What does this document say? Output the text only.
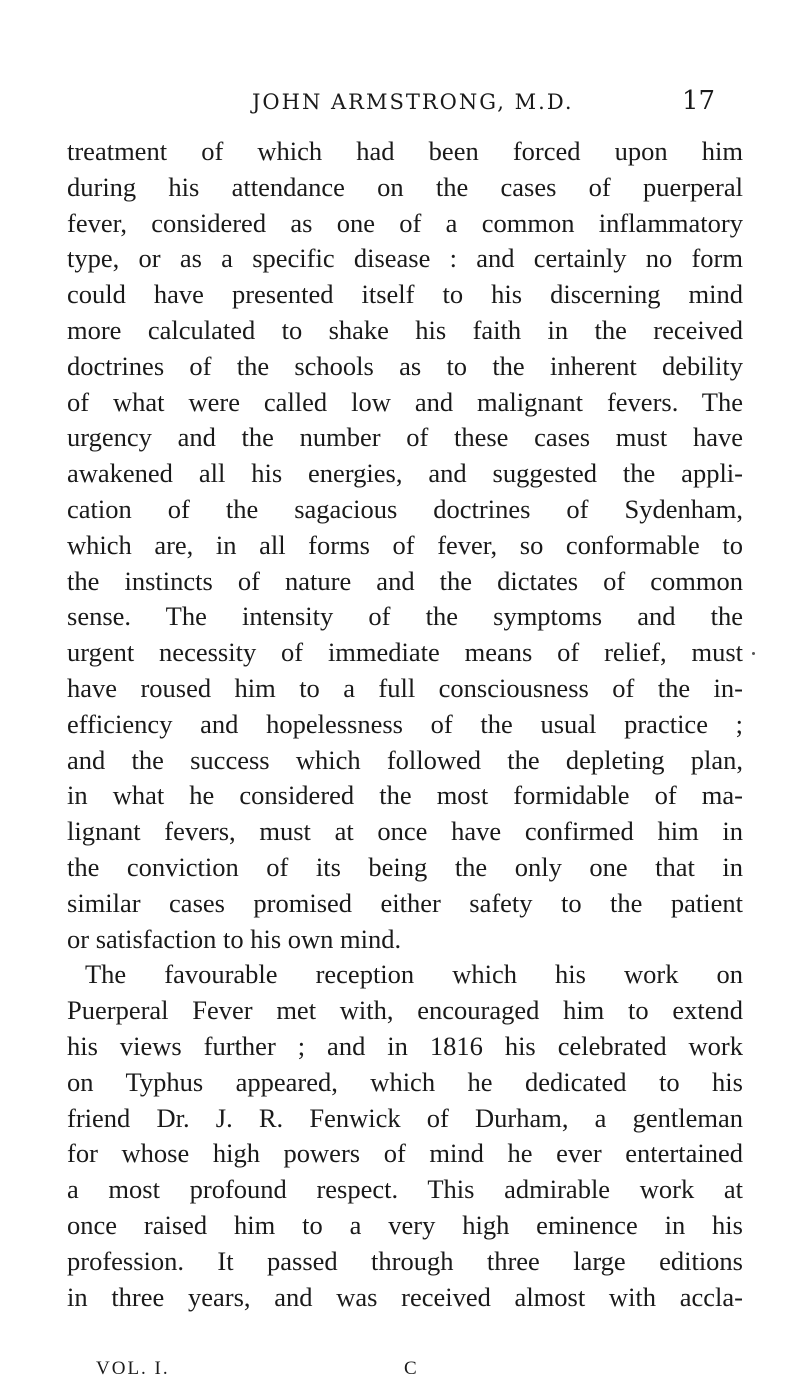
JOHN ARMSTRONG, M.D.	17
treatment of which had been forced upon him
during his attendance on the cases of puerperal
fever, considered as one of a common inflammatory
type, or as a specific disease : and certainly no form
could have presented itself to his discerning mind
more calculated to shake his faith in the received
doctrines of the schools as to the inherent debility
of what were called low and malignant fevers. The
urgency and the number of these cases must have
awakened all his energies, and suggested the appli-
cation of the sagacious doctrines of Sydenham,
which are, in all forms of fever, so conformable to
the instincts of nature and the dictates of common
sense. The intensity of the symptoms and the
urgent necessity of immediate means of relief, must
have roused him to a full consciousness of the in-
efficiency and hopelessness of the usual practice ;
and the success which followed the depleting plan,
in what he considered the most formidable of ma-
lignant fevers, must at once have confirmed him in
the conviction of its being the only one that in
similar cases promised either safety to the patient
or satisfaction to his own mind.
The favourable reception which his work on
Puerperal Fever met with, encouraged him to extend
his views further ; and in 1816 his celebrated work
on Typhus appeared, which he dedicated to his
friend Dr. J. R. Fenwick of Durham, a gentleman
for whose high powers of mind he ever entertained
a most profound respect. This admirable work at
once raised him to a very high eminence in his
profession. It passed through three large editions
in three years, and was received almost with accla-
VOL. I.	C
